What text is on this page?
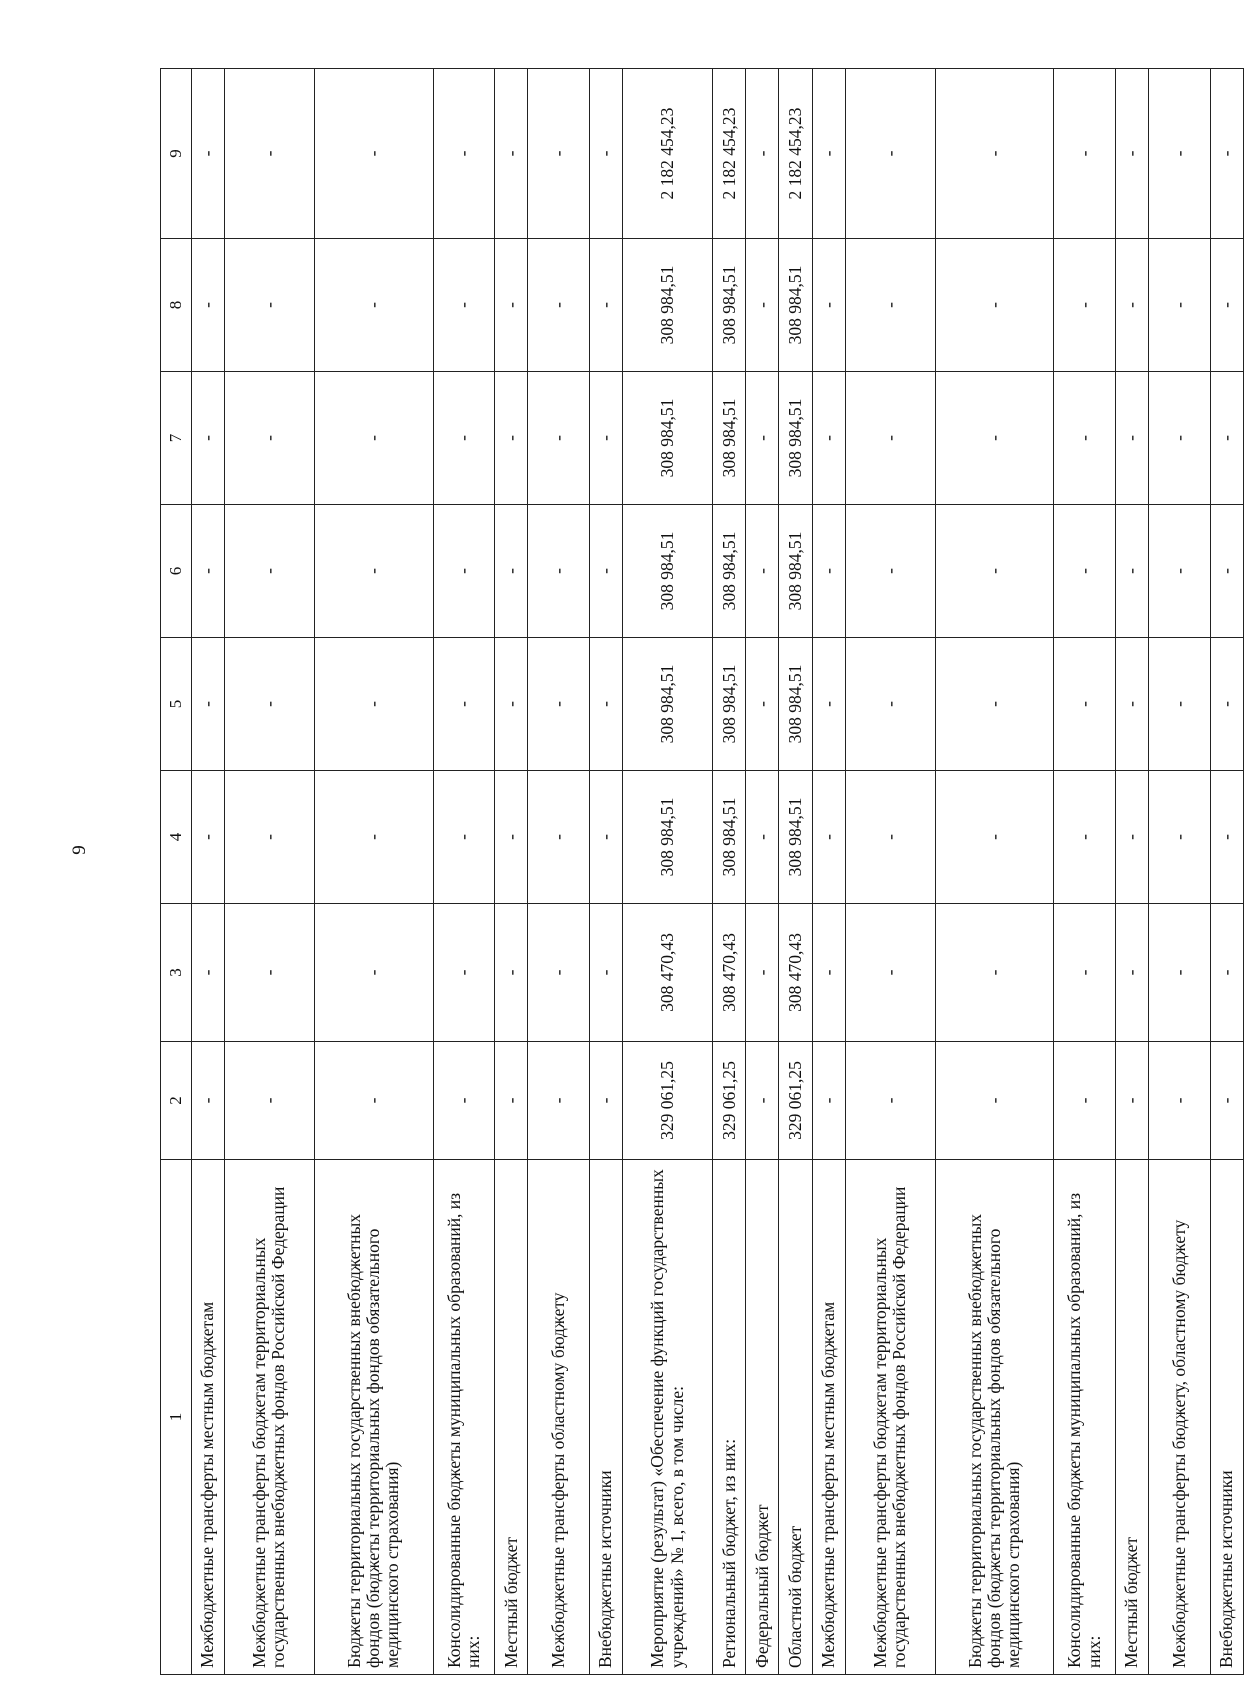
9
1	2	3	4	5	6	7	8	9
Межбюджетные трансферты местным бюджетам	-	-	-	-	-	-	-	-
Межбюджетные трансферты бюджетам территориальных государственных внебюджетных фондов Российской Федерации	-	-	-	-	-	-	-	-
Бюджеты территориальных государственных внебюджетных фондов (бюджеты территориальных фондов обязательного медицинского страхования)	-	-	-	-	-	-	-	-
Консолидированные бюджеты муниципальных образований, из них:	-	-	-	-	-	-	-	-
Местный бюджет	-	-	-	-	-	-	-	-
Межбюджетные трансферты областному бюджету	-	-	-	-	-	-	-	-
Внебюджетные источники	-	-	-	-	-	-	-	-
Мероприятие (результат) «Обеспечение функций государственных учреждений» № 1, всего, в том числе:	329 061,25	308 470,43	308 984,51	308 984,51	308 984,51	308 984,51	308 984,51	2 182 454,23
Региональный бюджет, из них:	329 061,25	308 470,43	308 984,51	308 984,51	308 984,51	308 984,51	308 984,51	2 182 454,23
Федеральный бюджет	-	-	-	-	-	-	-	-
Областной бюджет	329 061,25	308 470,43	308 984,51	308 984,51	308 984,51	308 984,51	308 984,51	2 182 454,23
Межбюджетные трансферты местным бюджетам	-	-	-	-	-	-	-	-
Межбюджетные трансферты бюджетам территориальных государственных внебюджетных фондов Российской Федерации	-	-	-	-	-	-	-	-
Бюджеты территориальных государственных внебюджетных фондов (бюджеты территориальных фондов обязательного медицинского страхования)	-	-	-	-	-	-	-	-
Консолидированные бюджеты муниципальных образований, из них:	-	-	-	-	-	-	-	-
Местный бюджет	-	-	-	-	-	-	-	-
Межбюджетные трансферты бюджету, областному бюджету	-	-	-	-	-	-	-	-
Внебюджетные источники	-	-	-	-	-	-	-	-
